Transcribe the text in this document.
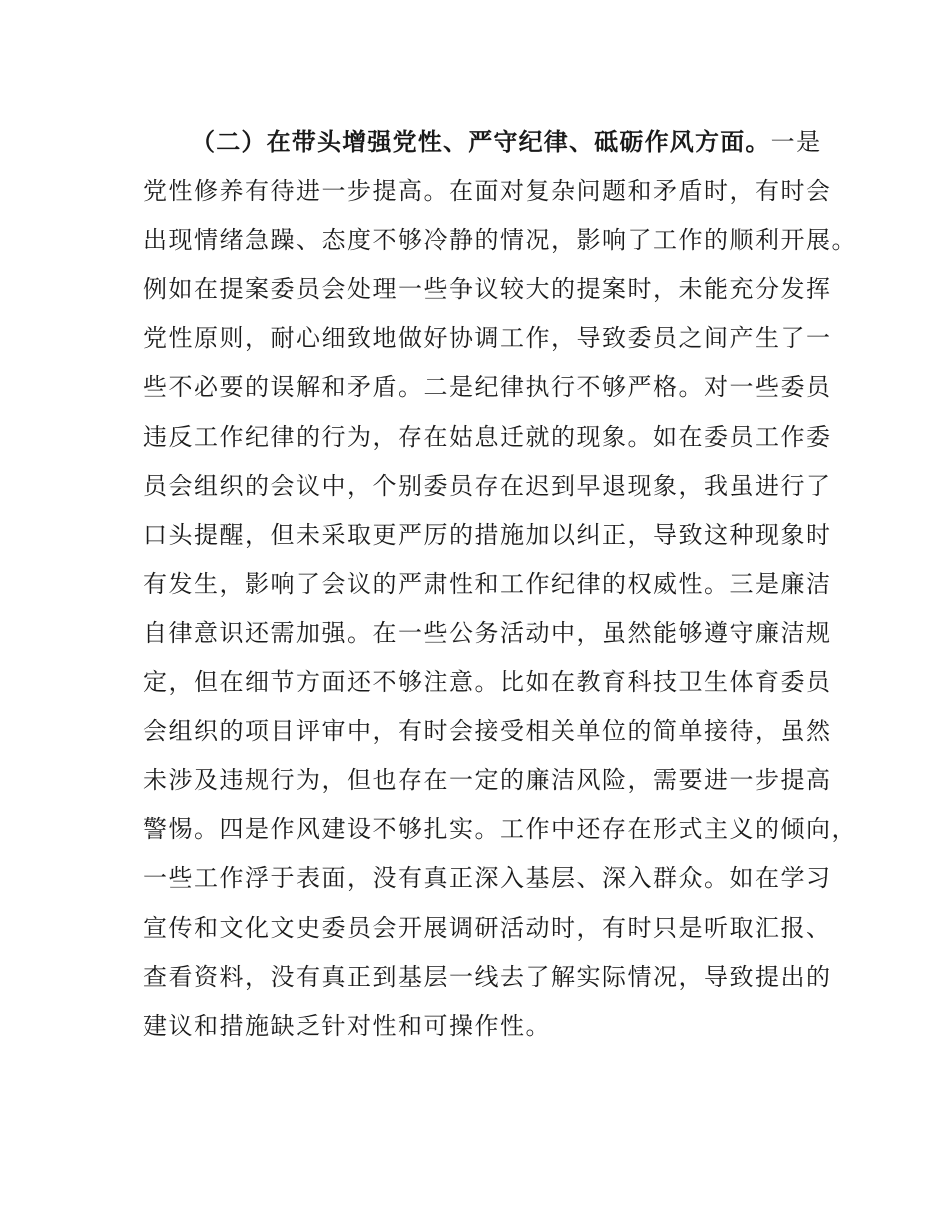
（二）在带头增强党性、严守纪律、砥砺作风方面。一是
党性修养有待进一步提高。在面对复杂问题和矛盾时，有时会
出现情绪急躁、态度不够冷静的情况，影响了工作的顺利开展。
例如在提案委员会处理一些争议较大的提案时，未能充分发挥
党性原则，耐心细致地做好协调工作，导致委员之间产生了一
些不必要的误解和矛盾。二是纪律执行不够严格。对一些委员
违反工作纪律的行为，存在姑息迁就的现象。如在委员工作委
员会组织的会议中，个别委员存在迟到早退现象，我虽进行了
口头提醒，但未采取更严厉的措施加以纠正，导致这种现象时
有发生，影响了会议的严肃性和工作纪律的权威性。三是廉洁
自律意识还需加强。在一些公务活动中，虽然能够遵守廉洁规
定，但在细节方面还不够注意。比如在教育科技卫生体育委员
会组织的项目评审中，有时会接受相关单位的简单接待，虽然
未涉及违规行为，但也存在一定的廉洁风险，需要进一步提高
警惕。四是作风建设不够扎实。工作中还存在形式主义的倾向，
一些工作浮于表面，没有真正深入基层、深入群众。如在学习
宣传和文化文史委员会开展调研活动时，有时只是听取汇报、
查看资料，没有真正到基层一线去了解实际情况，导致提出的
建议和措施缺乏针对性和可操作性。
